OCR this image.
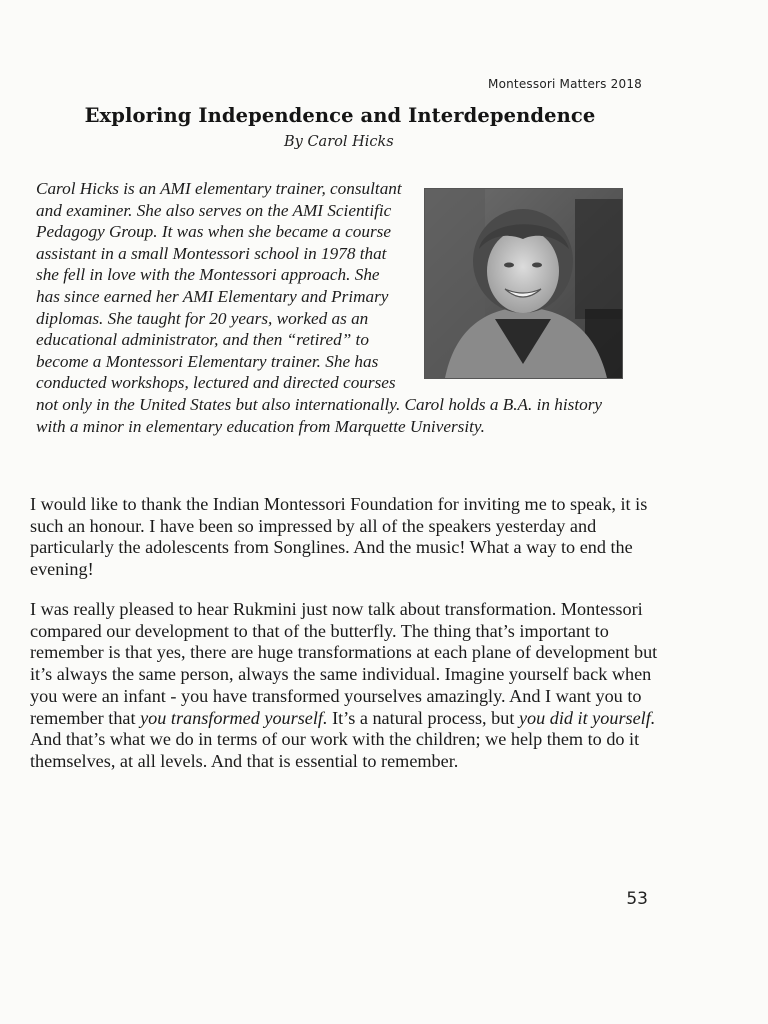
Montessori Matters 2018
Exploring Independence and Interdependence
By Carol Hicks
Carol Hicks is an AMI elementary trainer, consultant and examiner. She also serves on the AMI Scientific Pedagogy Group. It was when she became a course assistant in a small Montessori school in 1978 that she fell in love with the Montessori approach. She has since earned her AMI Elementary and Primary diplomas. She taught for 20 years, worked as an educational administrator, and then “retired” to become a Montessori Elementary trainer. She has conducted workshops, lectured and directed courses not only in the United States but also internationally. Carol holds a B.A. in history with a minor in elementary education from Marquette University.

I would like to thank the Indian Montessori Foundation for inviting me to speak, it is such an honour. I have been so impressed by all of the speakers yesterday and particularly the adolescents from Songlines. And the music! What a way to end the evening!

I was really pleased to hear Rukmini just now talk about transformation. Montessori compared our development to that of the butterfly. The thing that’s important to remember is that yes, there are huge transformations at each plane of development but it’s always the same person, always the same individual. Imagine yourself back when you were an infant - you have transformed yourselves amazingly. And I want you to remember that you transformed yourself. It’s a natural process, but you did it yourself. And that’s what we do in terms of our work with the children; we help them to do it themselves, at all levels. And that is essential to remember.

53
